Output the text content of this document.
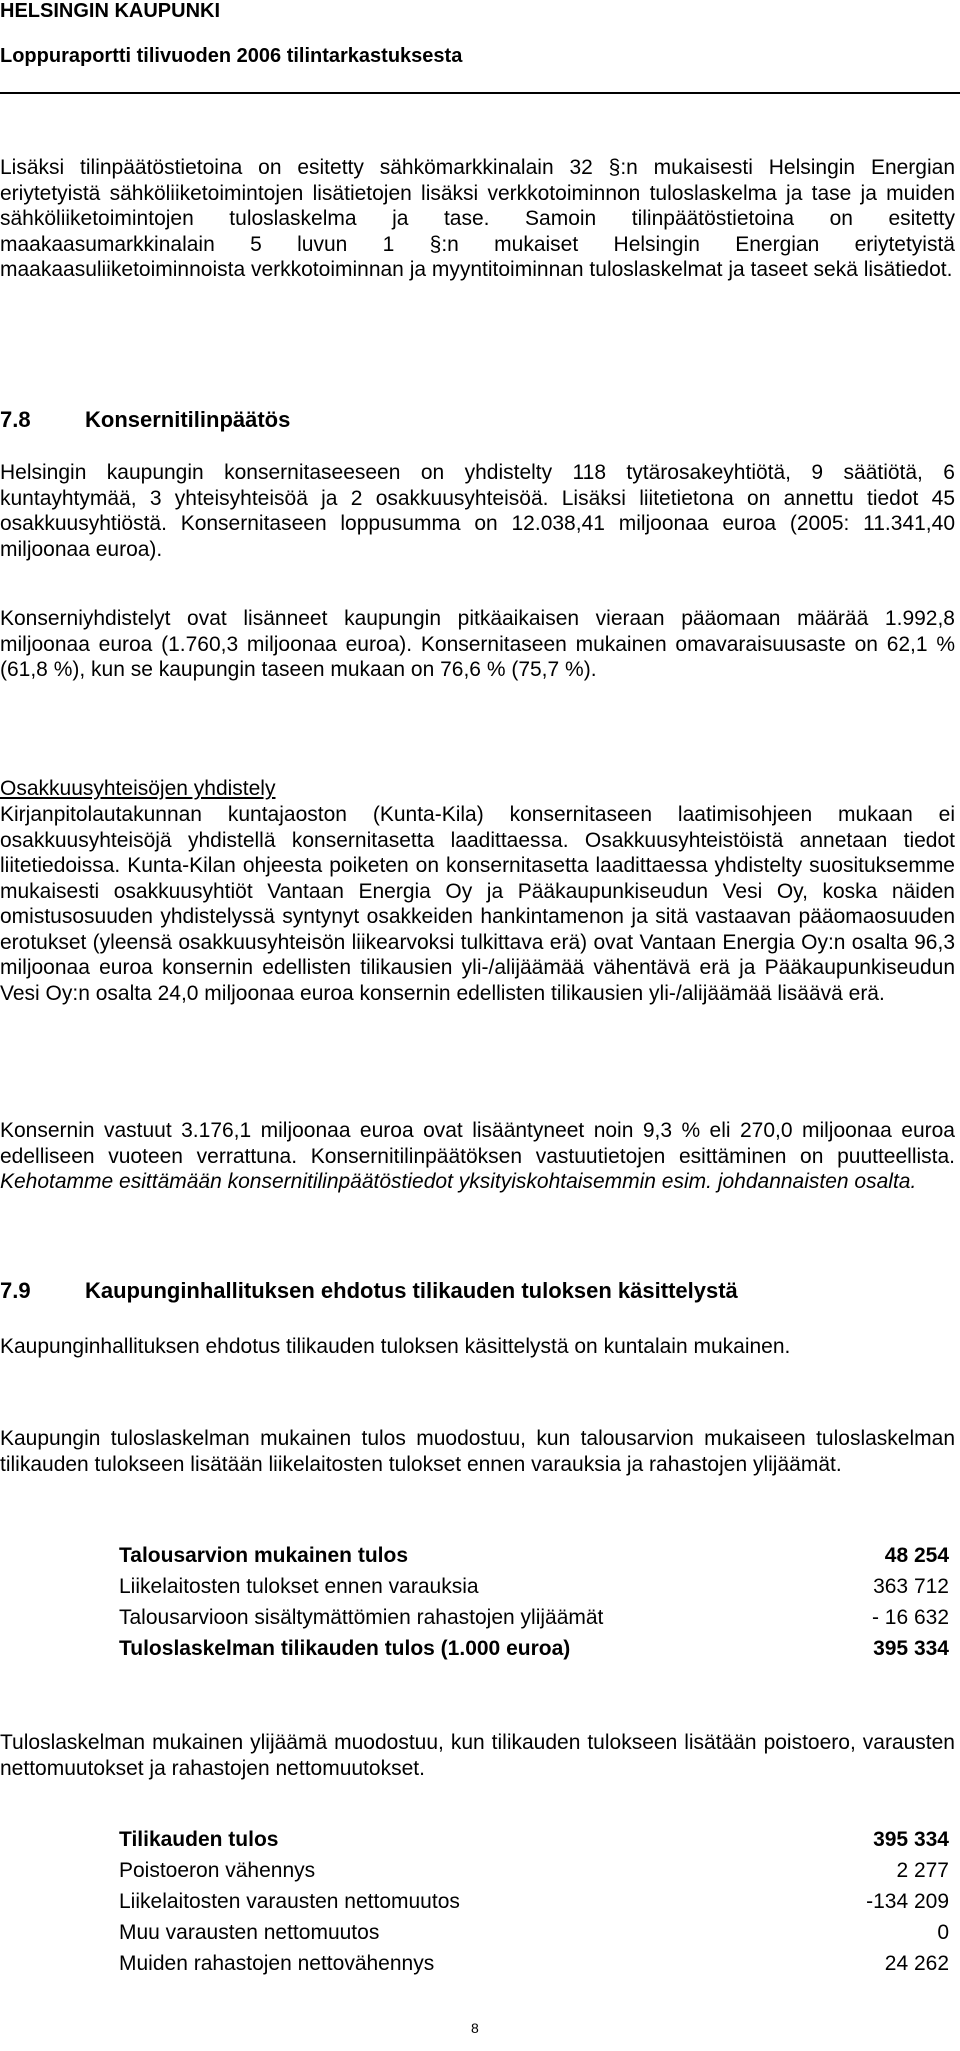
HELSINGIN KAUPUNKI
Loppuraportti tilivuoden 2006 tilintarkastuksesta
Lisäksi tilinpäätöstietoina on esitetty sähkömarkkinalain 32 §:n mukaisesti Helsingin Energian eriytetyistä sähköliiketoimintojen lisätietojen lisäksi verkkotoiminnon tuloslaskelma ja tase ja muiden sähköliiketoimintojen tuloslaskelma ja tase. Samoin tilinpäätöstietoina on esitetty maakaasumarkkinalain 5 luvun 1 §:n mukaiset Helsingin Energian eriytetyistä maakaasuliiketoiminnoista verkkotoiminnan ja myyntitoiminnan tuloslaskelmat ja taseet sekä lisätiedot.
7.8 Konsernitilinpäätös
Helsingin kaupungin konsernitaseeseen on yhdistelty 118 tytärosakeyhtiötä, 9 säätiötä, 6 kuntayhtymää, 3 yhteisyhteisöä ja 2 osakkuusyhteisöä. Lisäksi liitetietona on annettu tiedot 45 osakkuusyhtiöstä. Konsernitaseen loppusumma on 12.038,41 miljoonaa euroa (2005: 11.341,40 miljoonaa euroa).
Konserniyhdistelyt ovat lisänneet kaupungin pitkäaikaisen vieraan pääomaan määrää 1.992,8 miljoonaa euroa (1.760,3 miljoonaa euroa). Konsernitaseen mukainen omavaraisuusaste on 62,1 % (61,8 %), kun se kaupungin taseen mukaan on 76,6 % (75,7 %).
Osakkuusyhteisöjen yhdistely
Kirjanpitolautakunnan kuntajaoston (Kunta-Kila) konsernitaseen laatimisohjeen mukaan ei osakkuusyhteisöjä yhdistellä konsernitasetta laadittaessa. Osakkuusyhteistöistä annetaan tiedot liitetiedoissa. Kunta-Kilan ohjeesta poiketen on konsernitasetta laadittaessa yhdistelty suosituksemme mukaisesti osakkuusyhtiöt Vantaan Energia Oy ja Pääkaupunkiseudun Vesi Oy, koska näiden omistusosuuden yhdistelyssä syntynyt osakkeiden hankintamenon ja sitä vastaavan pääomaosuuden erotukset (yleensä osakkuusyhteisön liikearvoksi tulkittava erä) ovat Vantaan Energia Oy:n osalta 96,3 miljoonaa euroa konsernin edellisten tilikausien yli-/alijäämää vähentävä erä ja Pääkaupunkiseudun Vesi Oy:n osalta 24,0 miljoonaa euroa konsernin edellisten tilikausien yli-/alijäämää lisäävä erä.
Konsernin vastuut 3.176,1 miljoonaa euroa ovat lisääntyneet noin 9,3 % eli 270,0 miljoonaa euroa edelliseen vuoteen verrattuna. Konsernitilinpäätöksen vastuutietojen esittäminen on puutteellista. Kehotamme esittämään konsernitilinpäätöstiedot yksityiskohtaisemmin esim. johdannaisten osalta.
7.9 Kaupunginhallituksen ehdotus tilikauden tuloksen käsittelystä
Kaupunginhallituksen ehdotus tilikauden tuloksen käsittelystä on kuntalain mukainen.
Kaupungin tuloslaskelman mukainen tulos muodostuu, kun talousarvion mukaiseen tuloslaskelman tilikauden tulokseen lisätään liikelaitosten tulokset ennen varauksia ja rahastojen ylijäämät.
Talousarvion mukainen tulos	48 254
Liikelaitosten tulokset ennen varauksia	363 712
Talousarvioon sisältymättömien rahastojen ylijäämät	- 16 632
Tuloslaskelman tilikauden tulos (1.000 euroa)	395 334
Tuloslaskelman mukainen ylijäämä muodostuu, kun tilikauden tulokseen lisätään poistoero, varausten nettomuutokset ja rahastojen nettomuutokset.
Tilikauden tulos	395 334
Poistoeron vähennys	2 277
Liikelaitosten varausten nettomuutos	-134 209
Muu varausten nettomuutos	0
Muiden rahastojen nettovähennys	24 262
8
